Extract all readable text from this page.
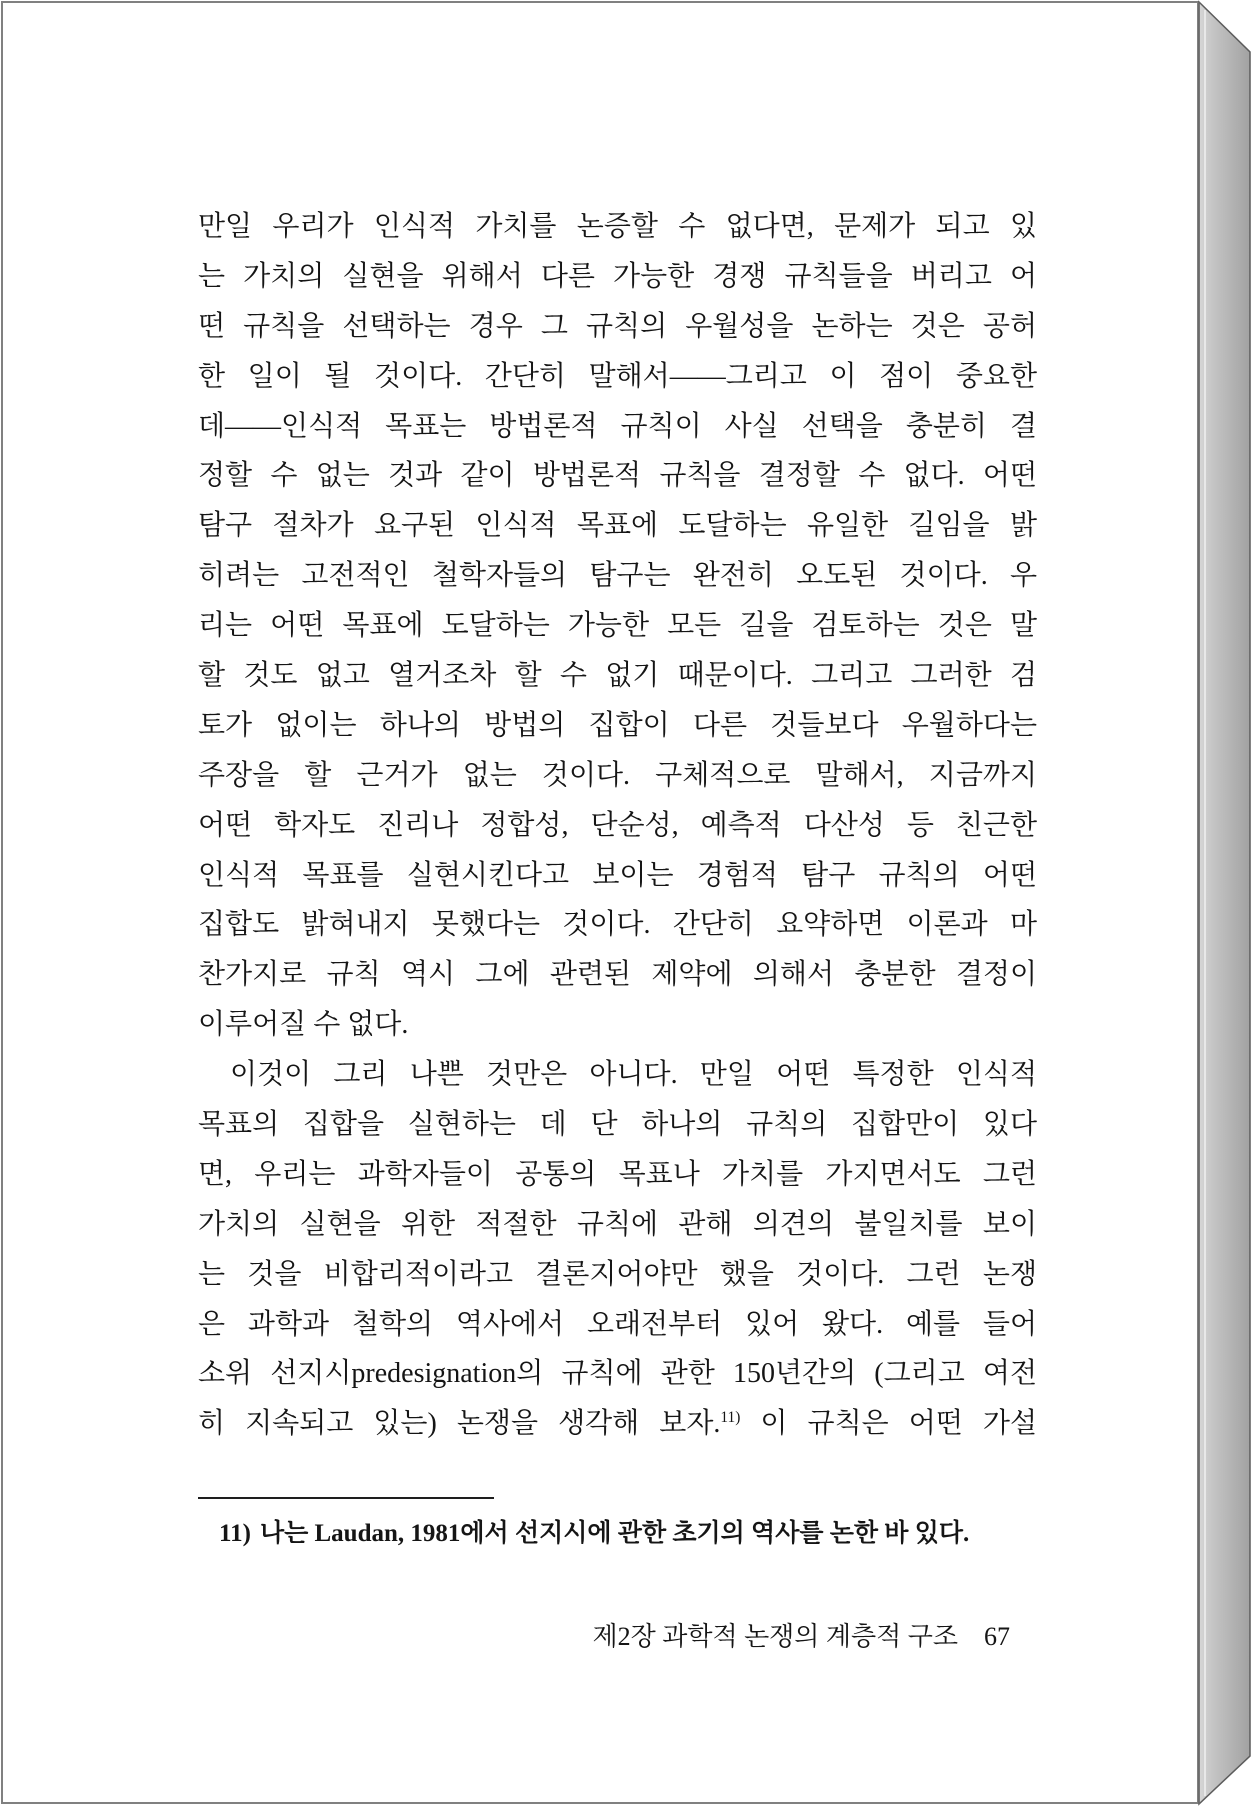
만일 우리가 인식적 가치를 논증할 수 없다면, 문제가 되고 있
는 가치의 실현을 위해서 다른 가능한 경쟁 규칙들을 버리고 어
떤 규칙을 선택하는 경우 그 규칙의 우월성을 논하는 것은 공허
한 일이 될 것이다. 간단히 말해서——그리고 이 점이 중요한
데——인식적 목표는 방법론적 규칙이 사실 선택을 충분히 결
정할 수 없는 것과 같이 방법론적 규칙을 결정할 수 없다. 어떤
탐구 절차가 요구된 인식적 목표에 도달하는 유일한 길임을 밝
히려는 고전적인 철학자들의 탐구는 완전히 오도된 것이다. 우
리는 어떤 목표에 도달하는 가능한 모든 길을 검토하는 것은 말
할 것도 없고 열거조차 할 수 없기 때문이다. 그리고 그러한 검
토가 없이는 하나의 방법의 집합이 다른 것들보다 우월하다는
주장을 할 근거가 없는 것이다. 구체적으로 말해서, 지금까지
어떤 학자도 진리나 정합성, 단순성, 예측적 다산성 등 친근한
인식적 목표를 실현시킨다고 보이는 경험적 탐구 규칙의 어떤
집합도 밝혀내지 못했다는 것이다. 간단히 요약하면 이론과 마
찬가지로 규칙 역시 그에 관련된 제약에 의해서 충분한 결정이
이루어질 수 없다.
이것이 그리 나쁜 것만은 아니다. 만일 어떤 특정한 인식적
목표의 집합을 실현하는 데 단 하나의 규칙의 집합만이 있다
면, 우리는 과학자들이 공통의 목표나 가치를 가지면서도 그런
가치의 실현을 위한 적절한 규칙에 관해 의견의 불일치를 보이
는 것을 비합리적이라고 결론지어야만 했을 것이다. 그런 논쟁
은 과학과 철학의 역사에서 오래전부터 있어 왔다. 예를 들어
소위 선지시predesignation의 규칙에 관한 150년간의 (그리고 여전
히 지속되고 있는) 논쟁을 생각해 보자.$^{11)}$ 이 규칙은 어떤 가설
11) 나는 Laudan, 1981에서 선지시에 관한 초기의 역사를 논한 바 있다.
제2장 과학적 논쟁의 계층적 구조 67
